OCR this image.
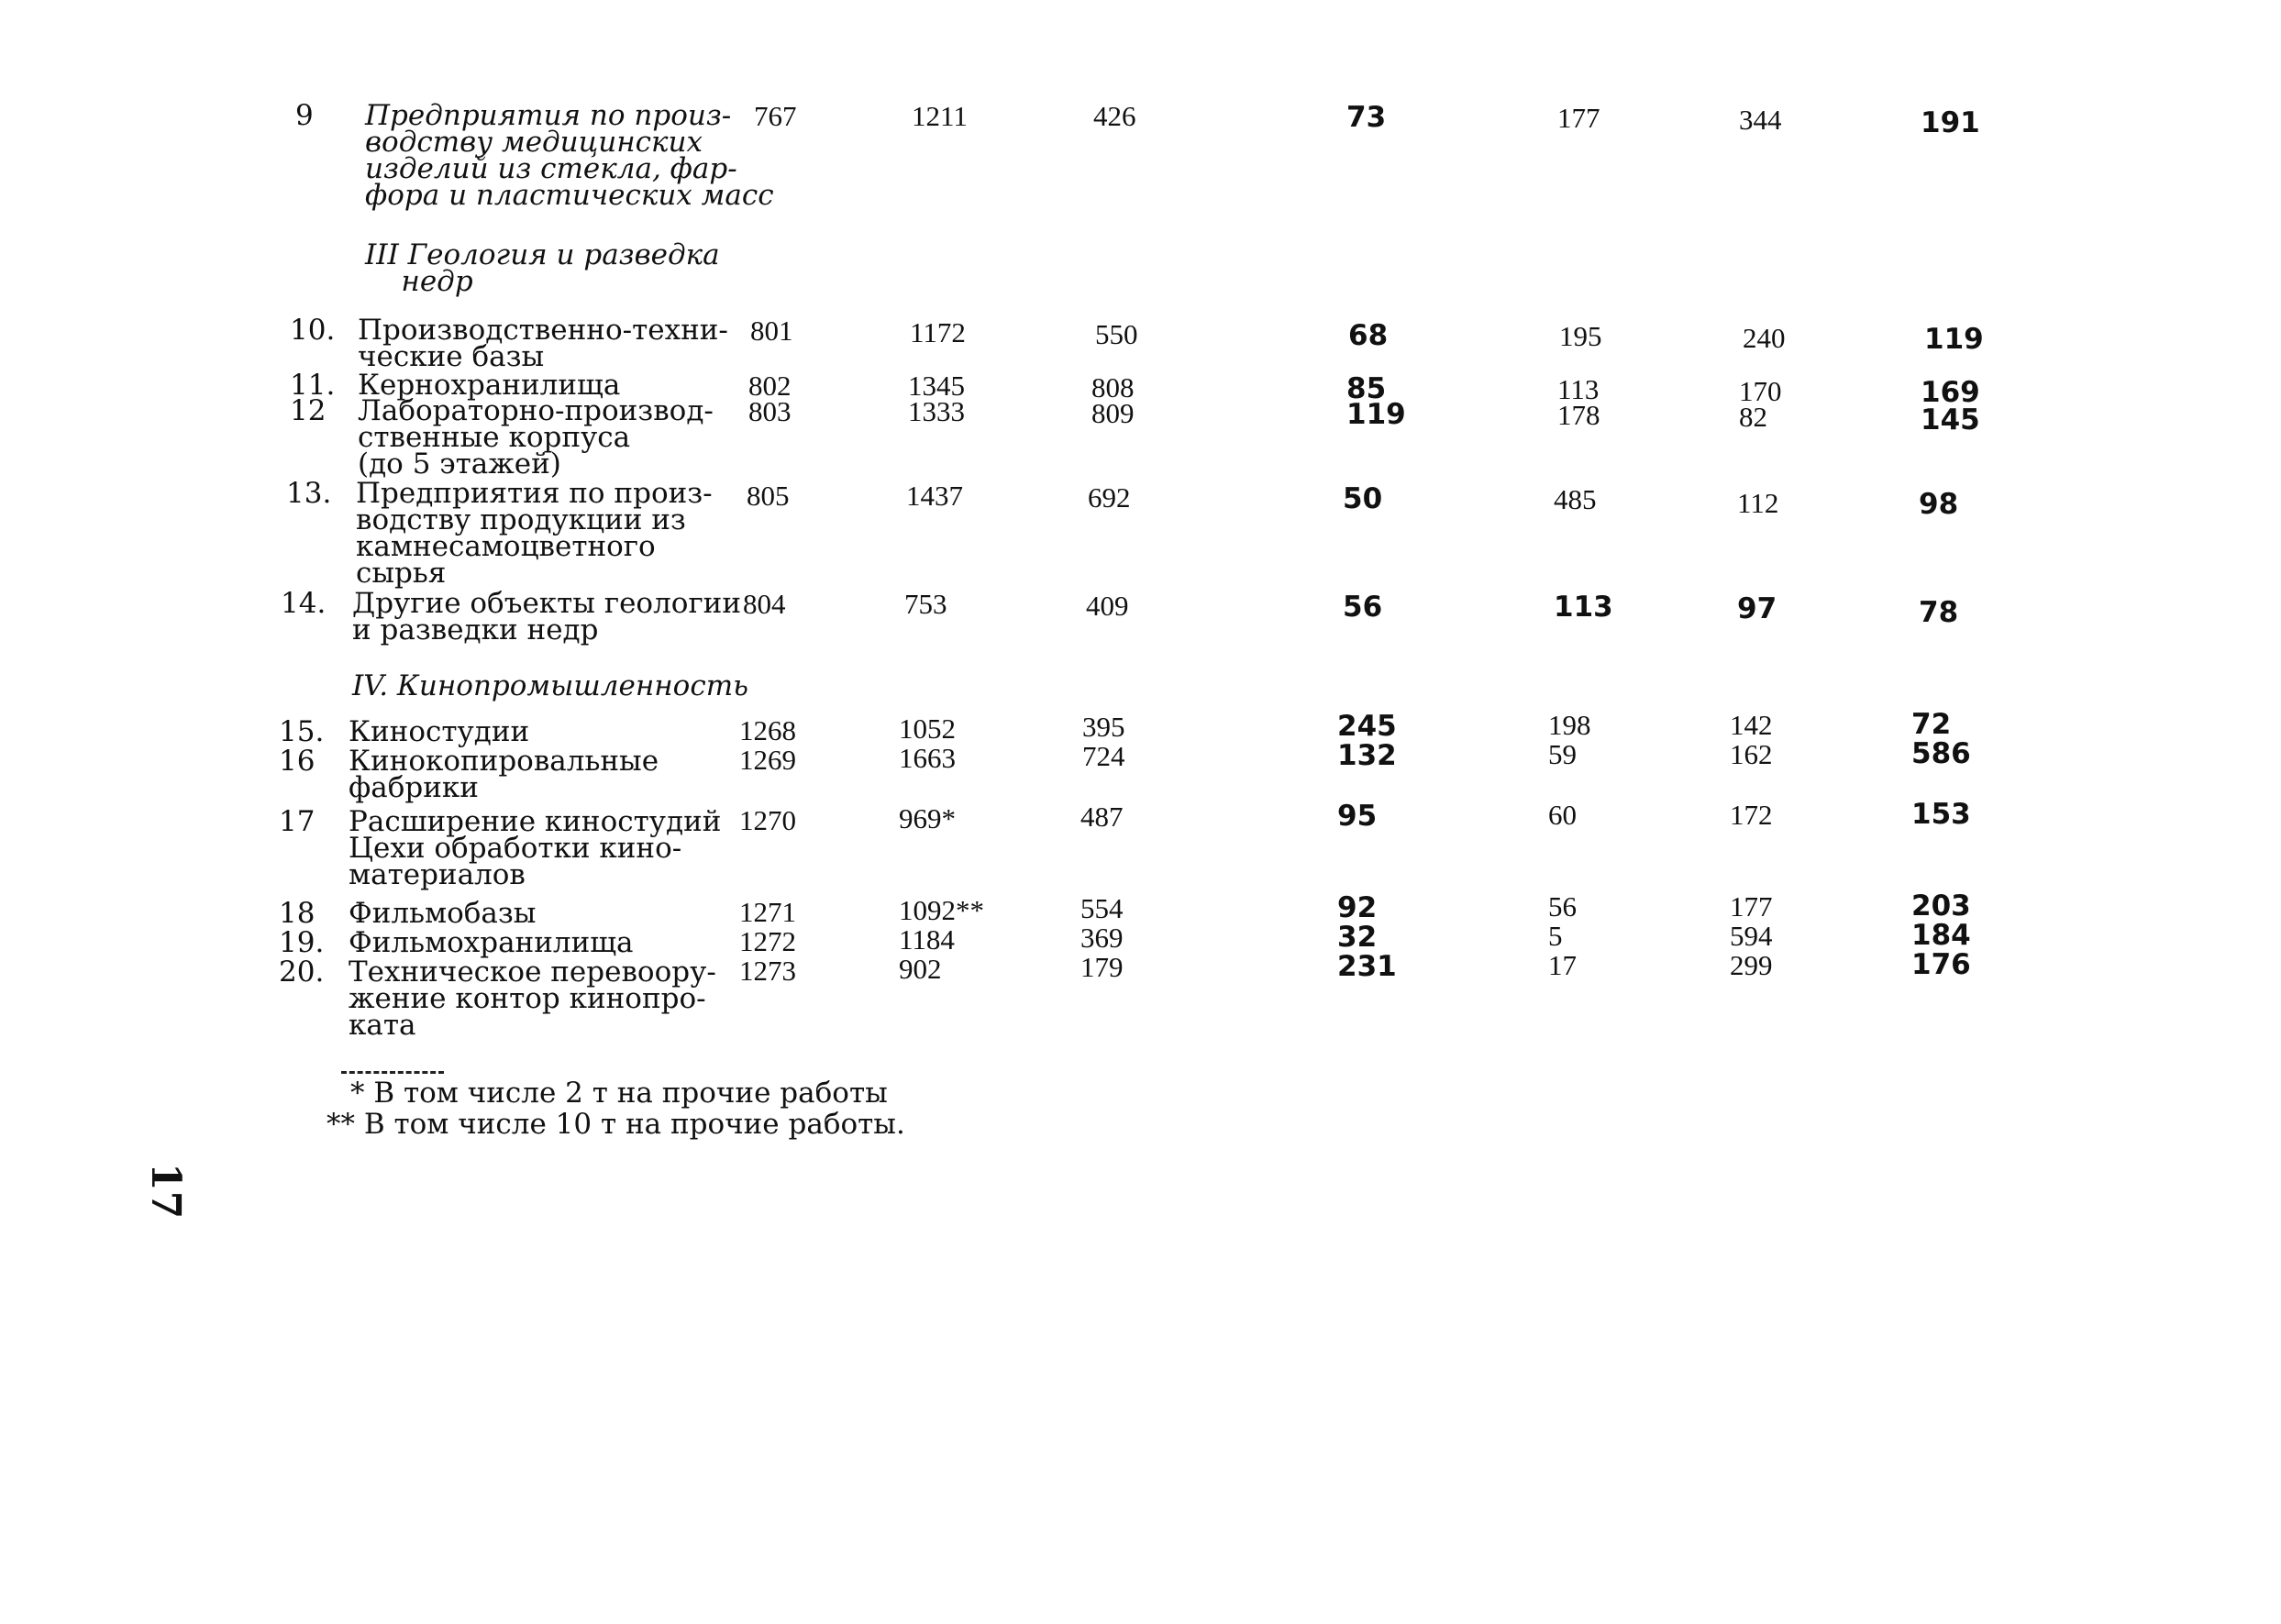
9 Предприятия по произ-
водству медицинских
изделий из стекла, фар-
фора и пластических масс
767	1211	426	73	177	344	191
III Геология и разведка
недр
10. Производственно-техни-
ческие базы
801	1172	550	68	195	240	119
11. Кернохранилища	802	1345	808	85	113	170	169
12 Лабораторно-производ-
ственные корпуса
(до 5 этажей)
803	1333	809	119	178	82	145
13. Предприятия по произ-
водству продукции из
камнесамоцветного
сырья
805	1437	692	50	485	112	98
14. Другие объекты геологии
и разведки недр
804	753	409	56	113	97	78
IV. Кинопромышленность
15. Киностудии	1268	1052	395	245	198	142	72
16 Кинокопировальные
фабрики
1269	1663	724	132	59	162	586
17 Расширение киностудий
Цехи обработки кино-
материалов
1270	969*	487	95	60	172	153
18 Фильмобазы	1271	1092**	554	92	56	177	203
19. Фильмохранилища	1272	1184	369	32	5	594	184
20. Техническое перевоору-
жение контор кинопро-
ката
1273	902	179	231	17	299	176
* В том числе 2 т на прочие работы
** В том числе 10 т на прочие работы.
17
